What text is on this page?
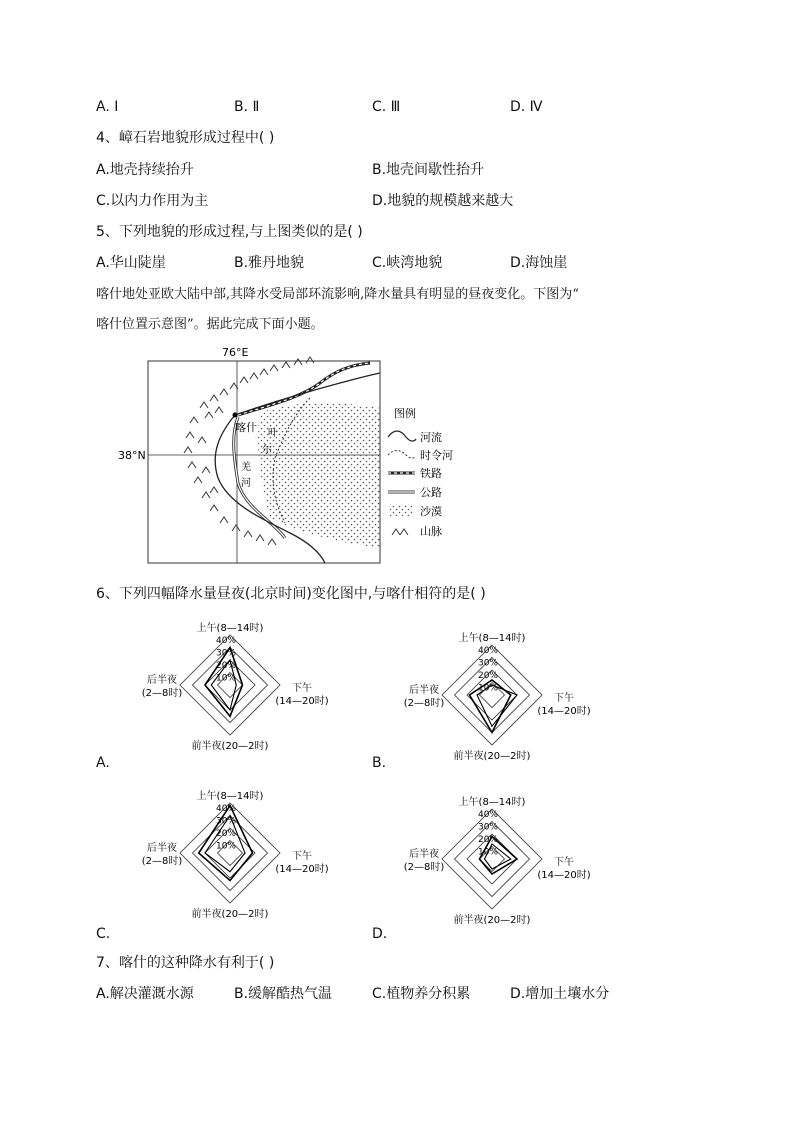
A. Ⅰ	B. Ⅱ	C. Ⅲ	D. Ⅳ
4、嶂石岩地貌形成过程中( )
A.地壳持续抬升	B.地壳间歇性抬升
C.以内力作用为主	D.地貌的规模越来越大
5、下列地貌的形成过程,与上图类似的是( )
A.华山陡崖	B.雅丹地貌	C.峡湾地貌	D.海蚀崖
喀什地处亚欧大陆中部,其降水受局部环流影响,降水量具有明显的昼夜变化。下图为“
喀什位置示意图”。据此完成下面小题。
76°E
38°N
喀什 叶
尔
羌
河
图例
河流
时令河
铁路
公路
沙漠
山脉
6、下列四幅降水量昼夜(北京时间)变化图中,与喀什相符的是( )
10%
20%
30%
40%
上午(8—14时)
下午
(14—20时)
前半夜(20—2时)
后半夜
(2—8时)	10%
20%
30%
40%
上午(8—14时)
下午
(14—20时)
前半夜(20—2时)
后半夜
(2—8时)
10%
20%
30%
40%
上午(8—14时)
下午
(14—20时)
前半夜(20—2时)
后半夜
(2—8时)
10%
20%
30%
40%
上午(8—14时)
下午
(14—20时)
前半夜(20—2时)
后半夜
(2—8时)
A.	B.
C.	D.
7、喀什的这种降水有利于( )
A.解决灌溉水源	B.缓解酷热气温	C.植物养分积累	D.增加土壤水分
